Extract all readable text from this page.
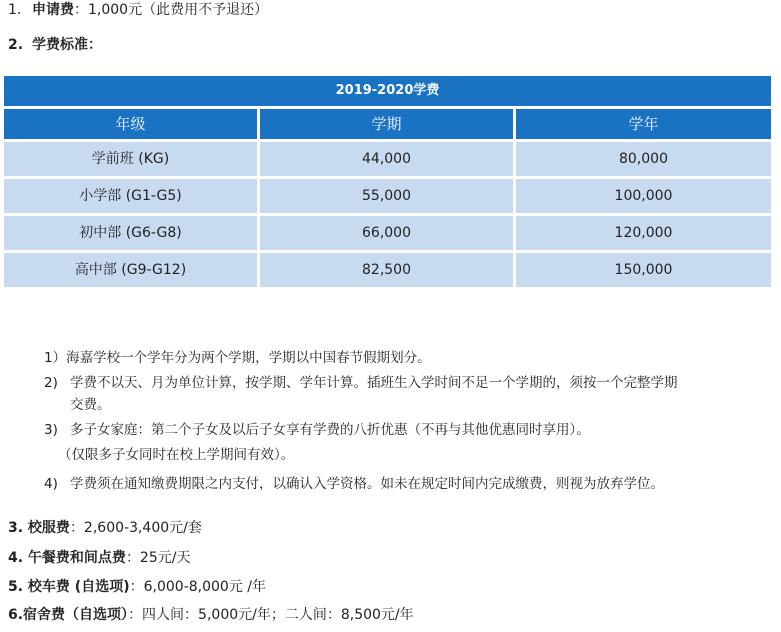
1. 申请费：1,000元（此费用不予退还）
2. 学费标准：
2019-2020学费
年级	学期	学年
学前班 (KG)	44,000	80,000
小学部 (G1-G5)	55,000	100,000
初中部 (G6-G8)	66,000	120,000
高中部 (G9-G12)	82,500	150,000
1）海嘉学校一个学年分为两个学期，学期以中国春节假期划分。
2) 学费不以天、月为单位计算，按学期、学年计算。插班生入学时间不足一个学期的，须按一个完整学期
交费。
3) 多子女家庭：第二个子女及以后子女享有学费的八折优惠（不再与其他优惠同时享用）。
（仅限多子女同时在校上学期间有效）。
4) 学费须在通知缴费期限之内支付，以确认入学资格。如未在规定时间内完成缴费，则视为放弃学位。
3. 校服费：2,600-3,400元/套
4. 午餐费和间点费：25元/天
5. 校车费 (自选项)：6,000-8,000元 /年
6.宿舍费（自选项）：四人间：5,000元/年；二人间：8,500元/年
